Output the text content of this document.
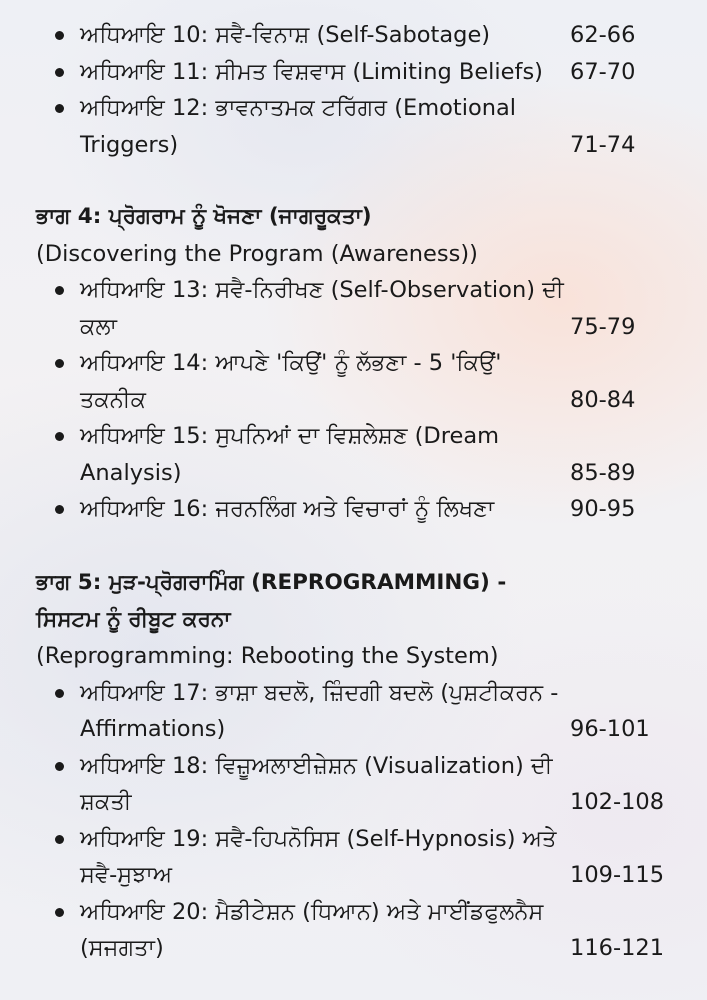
ਅਧਿਆਇ 10: ਸਵੈ-ਵਿਨਾਸ਼ (Self-Sabotage)	62-66
ਅਧਿਆਇ 11: ਸੀਮਤ ਵਿਸ਼ਵਾਸ (Limiting Beliefs)	67-70
ਅਧਿਆਇ 12: ਭਾਵਨਾਤਮਕ ਟਰਿੱਗਰ (Emotional Triggers)	71-74
ਭਾਗ 4: ਪ੍ਰੋਗਰਾਮ ਨੂੰ ਖੋਜਣਾ (ਜਾਗਰੂਕਤਾ)

(Discovering the Program (Awareness))

ਅਧਿਆਇ 13: ਸਵੈ-ਨਿਰੀਖਣ (Self-Observation) ਦੀ ਕਲਾ	75-79
ਅਧਿਆਇ 14: ਆਪਣੇ 'ਕਿਉਂ' ਨੂੰ ਲੱਭਣਾ - 5 'ਕਿਉਂ' ਤਕਨੀਕ	80-84
ਅਧਿਆਇ 15: ਸੁਪਨਿਆਂ ਦਾ ਵਿਸ਼ਲੇਸ਼ਣ (Dream Analysis)	85-89
ਅਧਿਆਇ 16: ਜਰਨਲਿੰਗ ਅਤੇ ਵਿਚਾਰਾਂ ਨੂੰ ਲਿਖਣਾ	90-95
ਭਾਗ 5: ਮੁੜ-ਪ੍ਰੋਗਰਾਮਿੰਗ (REPROGRAMMING) - ਸਿਸਟਮ ਨੂੰ ਰੀਬੂਟ ਕਰਨਾ

(Reprogramming: Rebooting the System)

ਅਧਿਆਇ 17: ਭਾਸ਼ਾ ਬਦਲੋ, ਜ਼ਿੰਦਗੀ ਬਦਲੋ (ਪੁਸ਼ਟੀਕਰਨ - Affirmations)	96-101
ਅਧਿਆਇ 18: ਵਿਜ਼ੂਅਲਾਈਜ਼ੇਸ਼ਨ (Visualization) ਦੀ ਸ਼ਕਤੀ	102-108
ਅਧਿਆਇ 19: ਸਵੈ-ਹਿਪਨੋਸਿਸ (Self-Hypnosis) ਅਤੇ ਸਵੈ-ਸੁਝਾਅ	109-115
ਅਧਿਆਇ 20: ਮੈਡੀਟੇਸ਼ਨ (ਧਿਆਨ) ਅਤੇ ਮਾਈਂਡਫੁਲਨੈਸ (ਸਜਗਤਾ)	116-121
